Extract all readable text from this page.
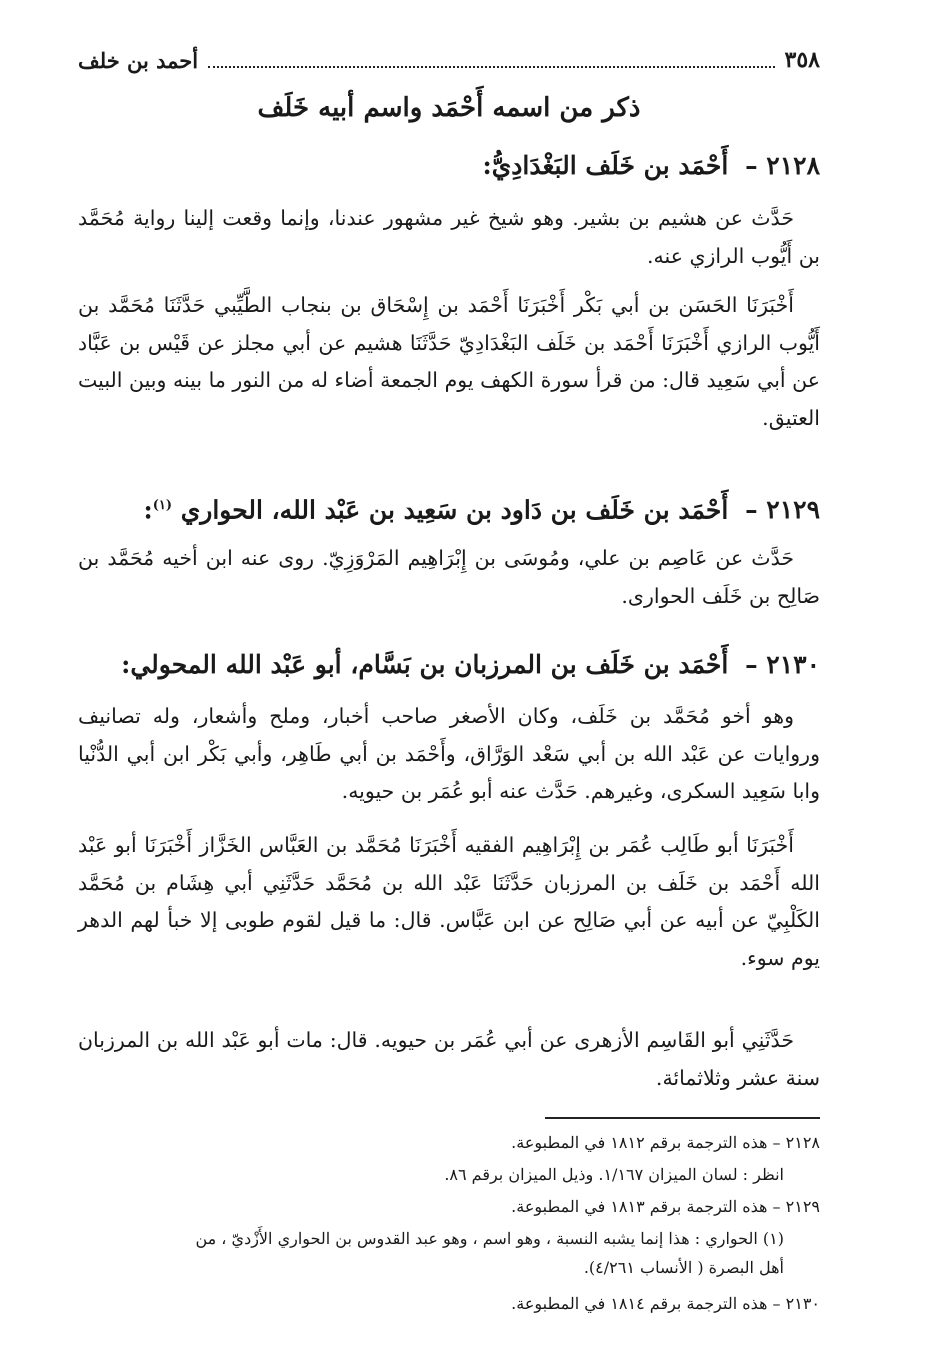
٣٥٨
أحمد بن خلف
ذكر من اسمه أَحْمَد واسم أبيه خَلَف
٢١٢٨ – أَحْمَد بن خَلَف البَغْدَادِيُّ:
حَدَّث عن هشيم بن بشير. وهو شيخ غير مشهور عندنا، وإنما وقعت إلينا رواية مُحَمَّد بن أَيُّوب الرازي عنه.
أَخْبَرَنَا الحَسَن بن أبي بَكْر أَخْبَرَنَا أَحْمَد بن إِسْحَاق بن بنجاب الطَّيِّبي حَدَّثَنَا مُحَمَّد بن أَيُّوب الرازي أَخْبَرَنَا أَحْمَد بن خَلَف البَغْدَادِيّ حَدَّثَنَا هشيم عن أبي مجلز عن قَيْس بن عَبَّاد عن أبي سَعِيد قال: من قرأ سورة الكهف يوم الجمعة أضاء له من النور ما بينه وبين البيت العتيق.
٢١٢٩ – أَحْمَد بن خَلَف بن دَاود بن سَعِيد بن عَبْد الله، الحواري $^{(١)}$:
حَدَّث عن عَاصِم بن علي، ومُوسَى بن إِبْرَاهِيم المَرْوَزِيّ. روى عنه ابن أخيه مُحَمَّد بن صَالِح بن خَلَف الحوارى.
٢١٣٠ – أَحْمَد بن خَلَف بن المرزبان بن بَسَّام، أبو عَبْد الله المحولي:
وهو أخو مُحَمَّد بن خَلَف، وكان الأصغر صاحب أخبار، وملح وأشعار، وله تصانيف وروايات عن عَبْد الله بن أبي سَعْد الوَرَّاق، وأَحْمَد بن أبي طَاهِر، وأبي بَكْر ابن أبي الدُّنْيا وابا سَعِيد السكرى، وغيرهم. حَدَّث عنه أبو عُمَر بن حيويه.
أَخْبَرَنَا أبو طَالِب عُمَر بن إِبْرَاهِيم الفقيه أَخْبَرَنَا مُحَمَّد بن العَبَّاس الخَزَّاز أَخْبَرَنَا أبو عَبْد الله أَحْمَد بن خَلَف بن المرزبان حَدَّثَنَا عَبْد الله بن مُحَمَّد حَدَّثَنِي أبي هِشَام بن مُحَمَّد الكَلْبِيّ عن أبيه عن أبي صَالِح عن ابن عَبَّاس. قال: ما قيل لقوم طوبى إلا خبأ لهم الدهر يوم سوء.
حَدَّثَنِي أبو القَاسِم الأزهرى عن أبي عُمَر بن حيويه. قال: مات أبو عَبْد الله بن المرزبان سنة عشر وثلاثمائة.
٢١٢٨ – هذه الترجمة برقم ١٨١٢ في المطبوعة.
انظر : لسان الميزان ١/١٦٧. وذيل الميزان برقم ٨٦.
٢١٢٩ – هذه الترجمة برقم ١٨١٣ في المطبوعة.
(١) الحواري : هذا إنما يشبه النسبة ، وهو اسم ، وهو عبد القدوس بن الحواري الأَزْديّ ، من
أهل البصرة ( الأنساب ٤/٢٦١).
٢١٣٠ – هذه الترجمة برقم ١٨١٤ في المطبوعة.
